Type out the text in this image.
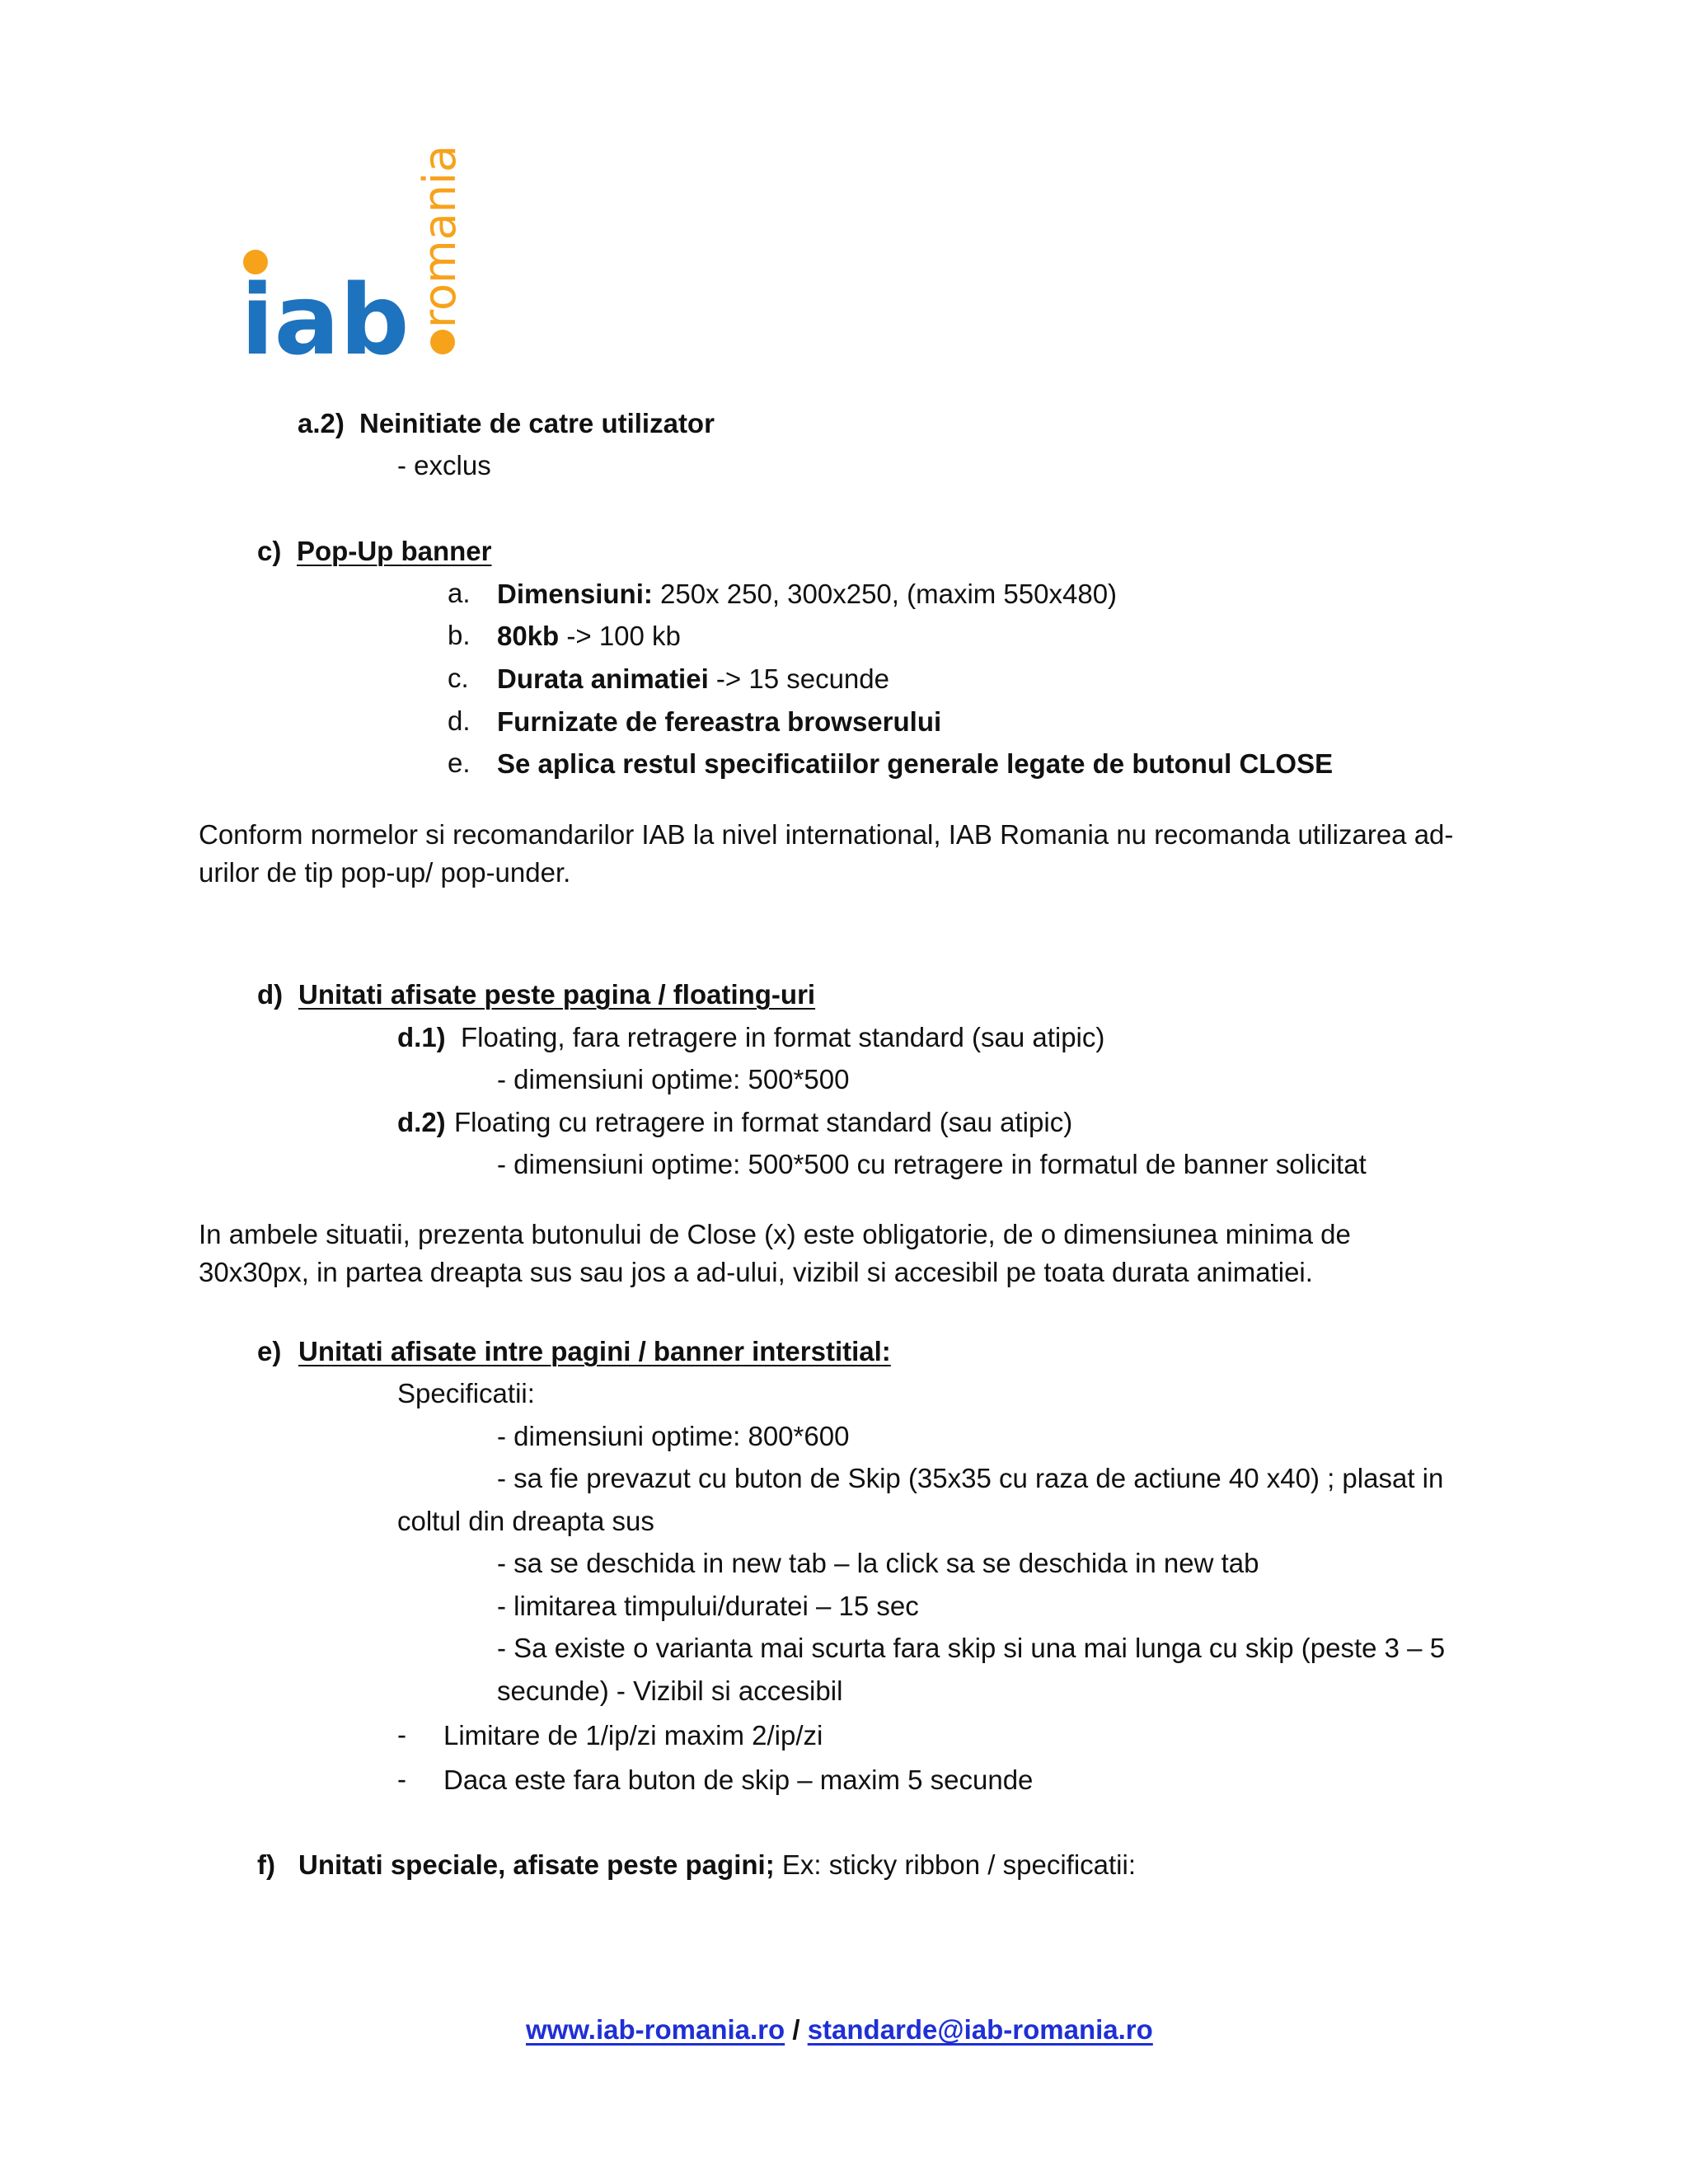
iab romania
a.2) Neinitiate de catre utilizator
- exclus
c) Pop-Up banner
a. Dimensiuni: 250x 250, 300x250, (maxim 550x480)
b. 80kb -> 100 kb
c. Durata animatiei -> 15 secunde
d. Furnizate de fereastra browserului
e. Se aplica restul specificatiilor generale legate de butonul CLOSE
Conform normelor si recomandarilor IAB la nivel international, IAB Romania nu recomanda utilizarea ad-
urilor de tip pop-up/ pop-under.
d) Unitati afisate peste pagina / floating-uri
d.1) Floating, fara retragere in format standard (sau atipic)
- dimensiuni optime: 500*500
d.2) Floating cu retragere in format standard (sau atipic)
- dimensiuni optime: 500*500 cu retragere in formatul de banner solicitat
In ambele situatii, prezenta butonului de Close (x) este obligatorie, de o dimensiunea minima de
30x30px, in partea dreapta sus sau jos a ad-ului, vizibil si accesibil pe toata durata animatiei.
e) Unitati afisate intre pagini / banner interstitial:
Specificatii:
- dimensiuni optime: 800*600
- sa fie prevazut cu buton de Skip (35x35 cu raza de actiune 40 x40) ; plasat in
coltul din dreapta sus
- sa se deschida in new tab – la click sa se deschida in new tab
- limitarea timpului/duratei – 15 sec
- Sa existe o varianta mai scurta fara skip si una mai lunga cu skip (peste 3 – 5
secunde) - Vizibil si accesibil
- Limitare de 1/ip/zi maxim 2/ip/zi
- Daca este fara buton de skip – maxim 5 secunde
f) Unitati speciale, afisate peste pagini; Ex: sticky ribbon / specificatii:
www.iab-romania.ro / standarde@iab-romania.ro
